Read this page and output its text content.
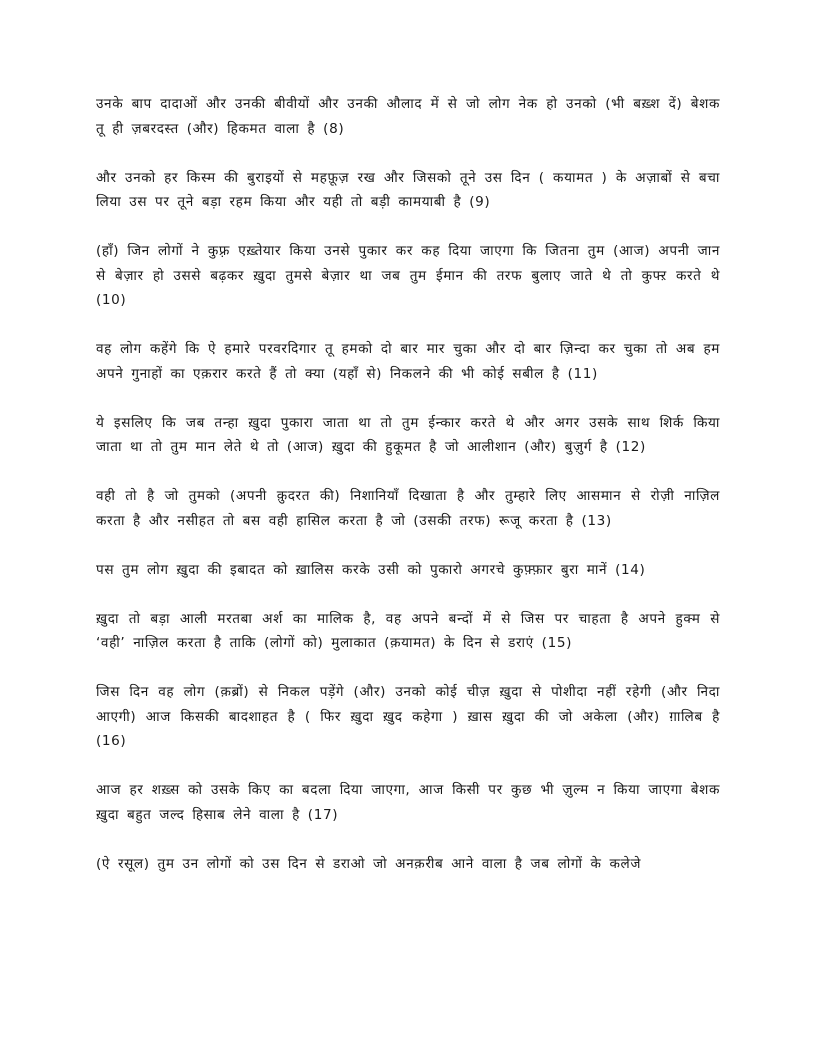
उनके बाप दादाओं और उनकी बीवीयों और उनकी औलाद में से जो लोग नेक हो उनको (भी बख़्श दें) बेशक तू ही ज़बरदस्त (और) हिकमत वाला है (8)

और उनको हर किस्म की बुराइयों से महफ़ूज़ रख और जिसको तूने उस दिन ( कयामत ) के अज़ाबों से बचा लिया उस पर तूने बड़ा रहम किया और यही तो बड़ी कामयाबी है (9)

(हाँ) जिन लोगों ने कुफ़्र एख़्तेयार किया उनसे पुकार कर कह दिया जाएगा कि जितना तुम (आज) अपनी जान से बेज़ार हो उससे बढ़कर ख़ुदा तुमसे बेज़ार था जब तुम ईमान की तरफ बुलाए जाते थे तो कुफ्ऱ करते थे (10)

वह लोग कहेंगे कि ऐ हमारे परवरदिगार तू हमको दो बार मार चुका और दो बार ज़िन्दा कर चुका तो अब हम अपने गुनाहों का एक़रार करते हैं तो क्या (यहाँ से) निकलने की भी कोई सबील है (11)

ये इसलिए कि जब तन्हा ख़ुदा पुकारा जाता था तो तुम ईन्कार करते थे और अगर उसके साथ शिर्क किया जाता था तो तुम मान लेते थे तो (आज) ख़ुदा की हुकूमत है जो आलीशान (और) बुज़ुर्ग है (12)

वही तो है जो तुमको (अपनी क़ुदरत की) निशानियाँ दिखाता है और तुम्हारे लिए आसमान से रोज़ी नाज़िल करता है और नसीहत तो बस वही हासिल करता है जो (उसकी तरफ) रूजू करता है (13)

पस तुम लोग ख़ुदा की इबादत को ख़ालिस करके उसी को पुकारो अगरचे कुफ़्फ़ार बुरा मानें (14)

ख़ुदा तो बड़ा आली मरतबा अर्श का मालिक है, वह अपने बन्दों में से जिस पर चाहता है अपने हुक्म से ‘वही’ नाज़िल करता है ताकि (लोगों को) मुलाकात (क़यामत) के दिन से डराएं (15)

जिस दिन वह लोग (क़ब्रों) से निकल पड़ेंगे (और) उनको कोई चीज़ ख़ुदा से पोशीदा नहीं रहेगी (और निदा आएगी) आज किसकी बादशाहत है ( फिर ख़ुदा ख़ुद कहेगा ) ख़ास ख़ुदा की जो अकेला (और) ग़ालिब है (16)

आज हर शख़्स को उसके किए का बदला दिया जाएगा, आज किसी पर कुछ भी ज़ुल्म न किया जाएगा बेशक ख़ुदा बहुत जल्द हिसाब लेने वाला है (17)

(ऐ रसूल) तुम उन लोगों को उस दिन से डराओ जो अनक़रीब आने वाला है जब लोगों के कलेजे
